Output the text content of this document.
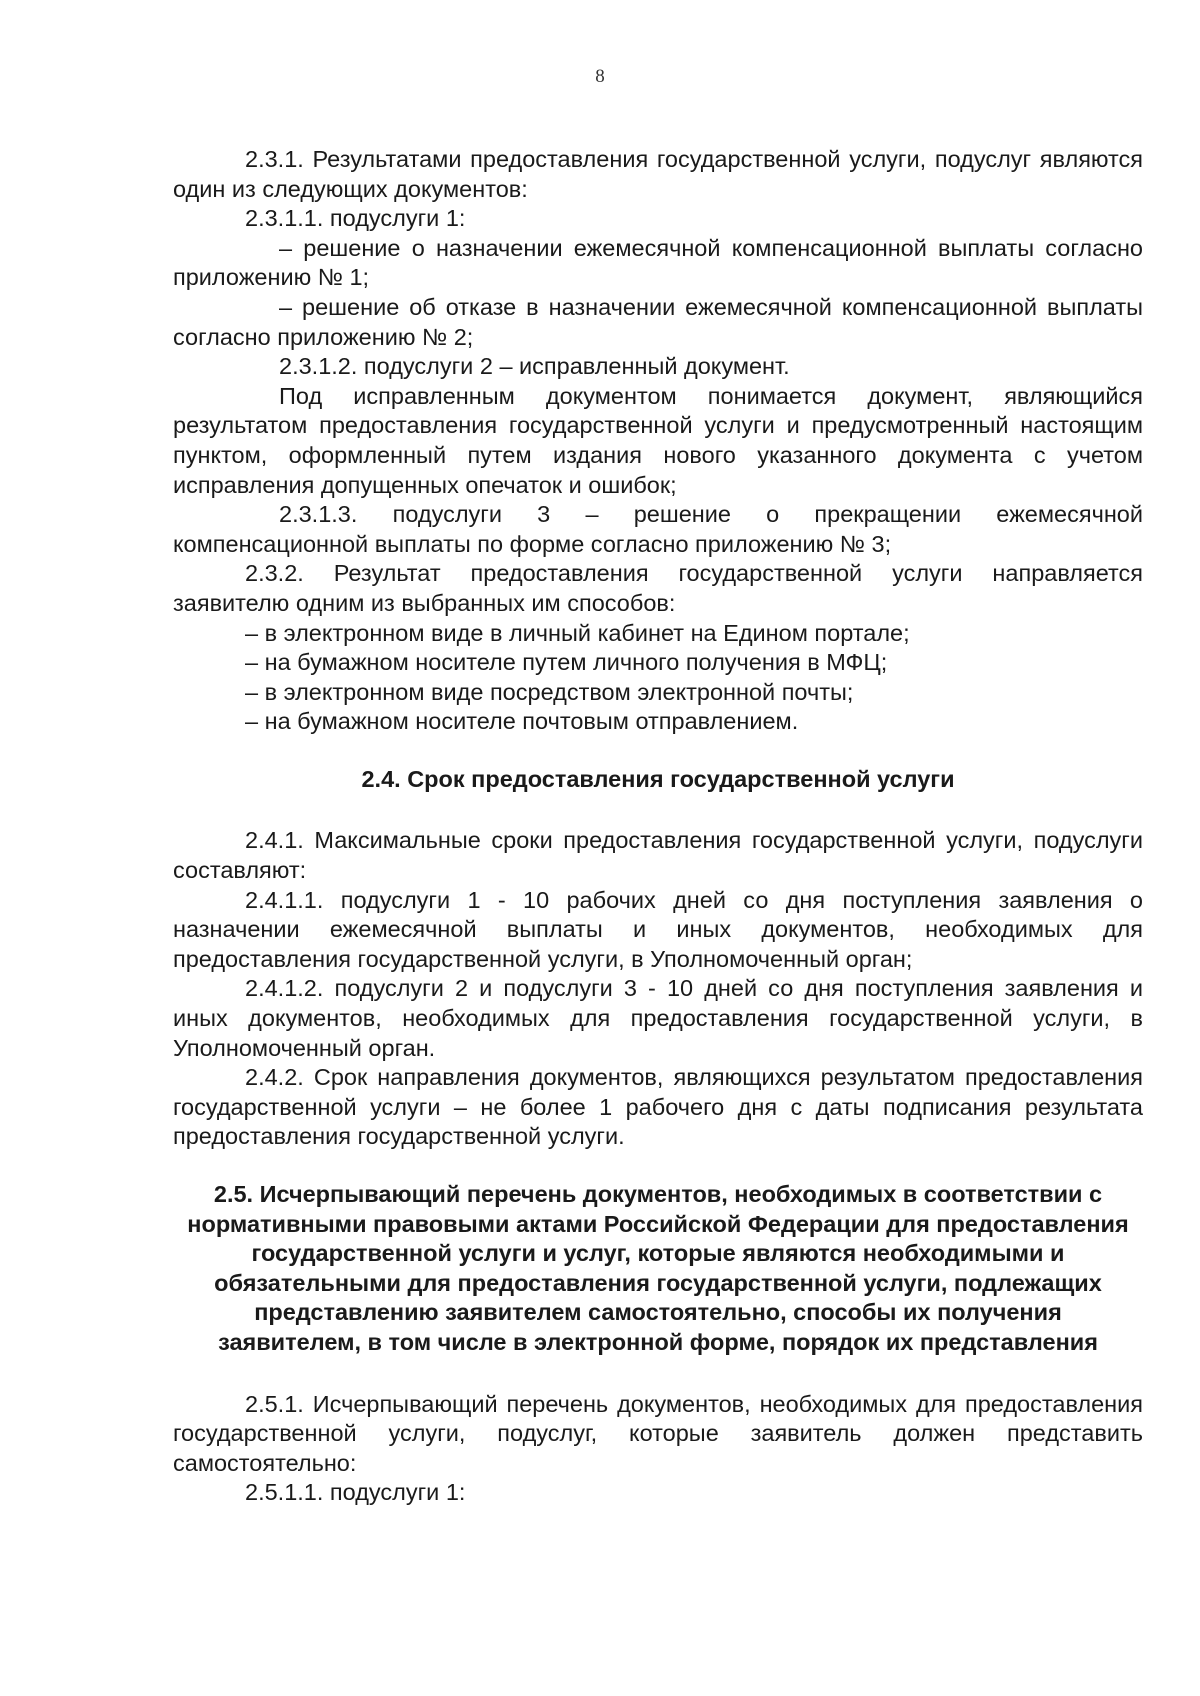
8

2.3.1. Результатами предоставления государственной услуги, подуслуг являются один из следующих документов:

2.3.1.1. подуслуги 1:

– решение о назначении ежемесячной компенсационной выплаты согласно приложению № 1;

– решение об отказе в назначении ежемесячной компенсационной выплаты согласно приложению № 2;

2.3.1.2. подуслуги 2 – исправленный документ.

Под исправленным документом понимается документ, являющийся результатом предоставления государственной услуги и предусмотренный настоящим пунктом, оформленный путем издания нового указанного документа с учетом исправления допущенных опечаток и ошибок;

2.3.1.3. подуслуги 3 – решение о прекращении ежемесячной компенсационной выплаты по форме согласно приложению № 3;

2.3.2. Результат предоставления государственной услуги направляется заявителю одним из выбранных им способов:

– в электронном виде в личный кабинет на Едином портале;

– на бумажном носителе путем личного получения в МФЦ;

– в электронном виде посредством электронной почты;

– на бумажном носителе почтовым отправлением.

2.4. Срок предоставления государственной услуги

2.4.1. Максимальные сроки предоставления государственной услуги, подуслуги составляют:

2.4.1.1. подуслуги 1 - 10 рабочих дней со дня поступления заявления о назначении ежемесячной выплаты и иных документов, необходимых для предоставления государственной услуги, в Уполномоченный орган;

2.4.1.2. подуслуги 2 и подуслуги 3 - 10 дней со дня поступления заявления и иных документов, необходимых для предоставления государственной услуги, в Уполномоченный орган.

2.4.2. Срок направления документов, являющихся результатом предоставления государственной услуги – не более 1 рабочего дня с даты подписания результата предоставления государственной услуги.

2.5. Исчерпывающий перечень документов, необходимых в соответствии с нормативными правовыми актами Российской Федерации для предоставления государственной услуги и услуг, которые являются необходимыми и обязательными для предоставления государственной услуги, подлежащих представлению заявителем самостоятельно, способы их получения заявителем, в том числе в электронной форме, порядок их представления

2.5.1. Исчерпывающий перечень документов, необходимых для предоставления государственной услуги, подуслуг, которые заявитель должен представить самостоятельно:

2.5.1.1. подуслуги 1:
